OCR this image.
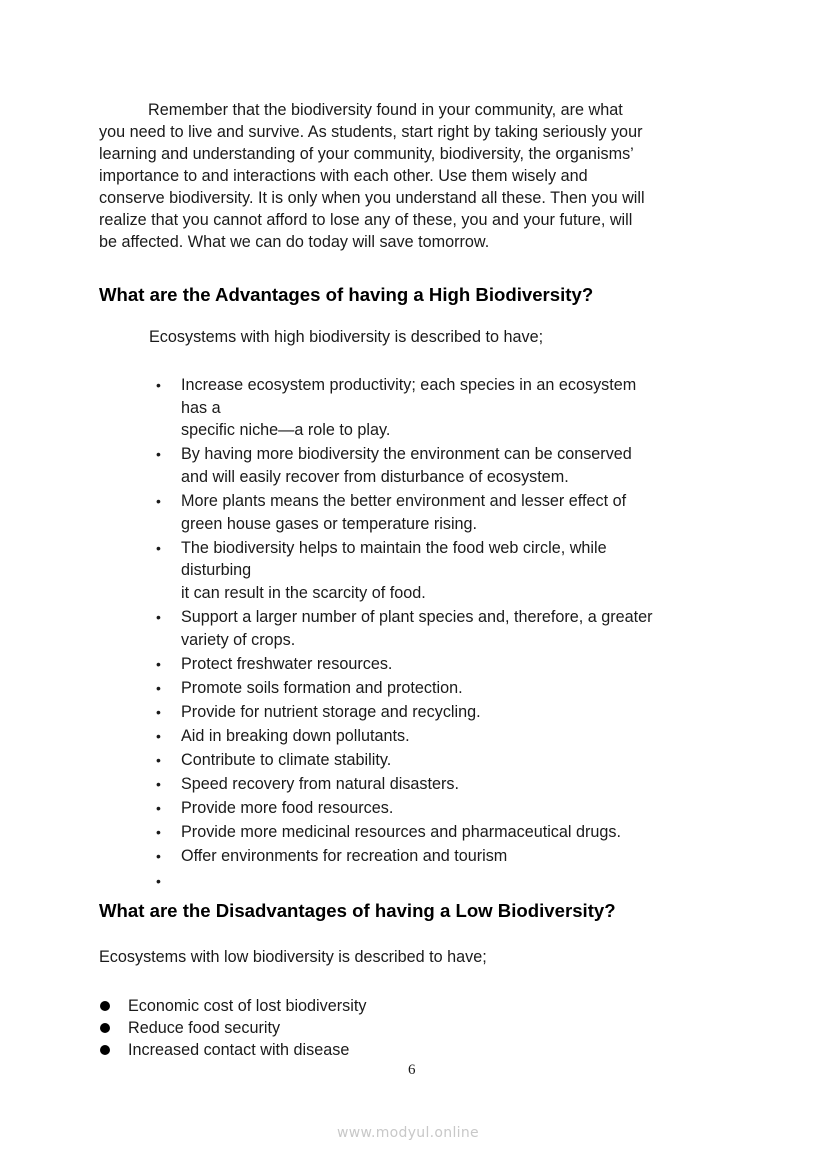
Remember that the biodiversity found in your community, are what
you need to live and survive. As students, start right by taking seriously your
learning and understanding of your community, biodiversity, the organisms’
importance to and interactions with each other. Use them wisely and
conserve biodiversity. It is only when you understand all these. Then you will
realize that you cannot afford to lose any of these, you and your future, will
be affected. What we can do today will save tomorrow.
What are the Advantages of having a High Biodiversity?
Ecosystems with high biodiversity is described to have;
• Increase ecosystem productivity; each species in an ecosystem
has a
specific niche—a role to play.
• By having more biodiversity the environment can be conserved
and will easily recover from disturbance of ecosystem.
• More plants means the better environment and lesser effect of
green house gases or temperature rising.
• The biodiversity helps to maintain the food web circle, while
disturbing
it can result in the scarcity of food.
• Support a larger number of plant species and, therefore, a greater
variety of crops.
• Protect freshwater resources.
• Promote soils formation and protection.
• Provide for nutrient storage and recycling.
• Aid in breaking down pollutants.
• Contribute to climate stability.
• Speed recovery from natural disasters.
• Provide more food resources.
• Provide more medicinal resources and pharmaceutical drugs.
• Offer environments for recreation and tourism
•

What are the Disadvantages of having a Low Biodiversity?
Ecosystems with low biodiversity is described to have;
Economic cost of lost biodiversity
Reduce food security
Increased contact with disease
6
www.modyul.online
